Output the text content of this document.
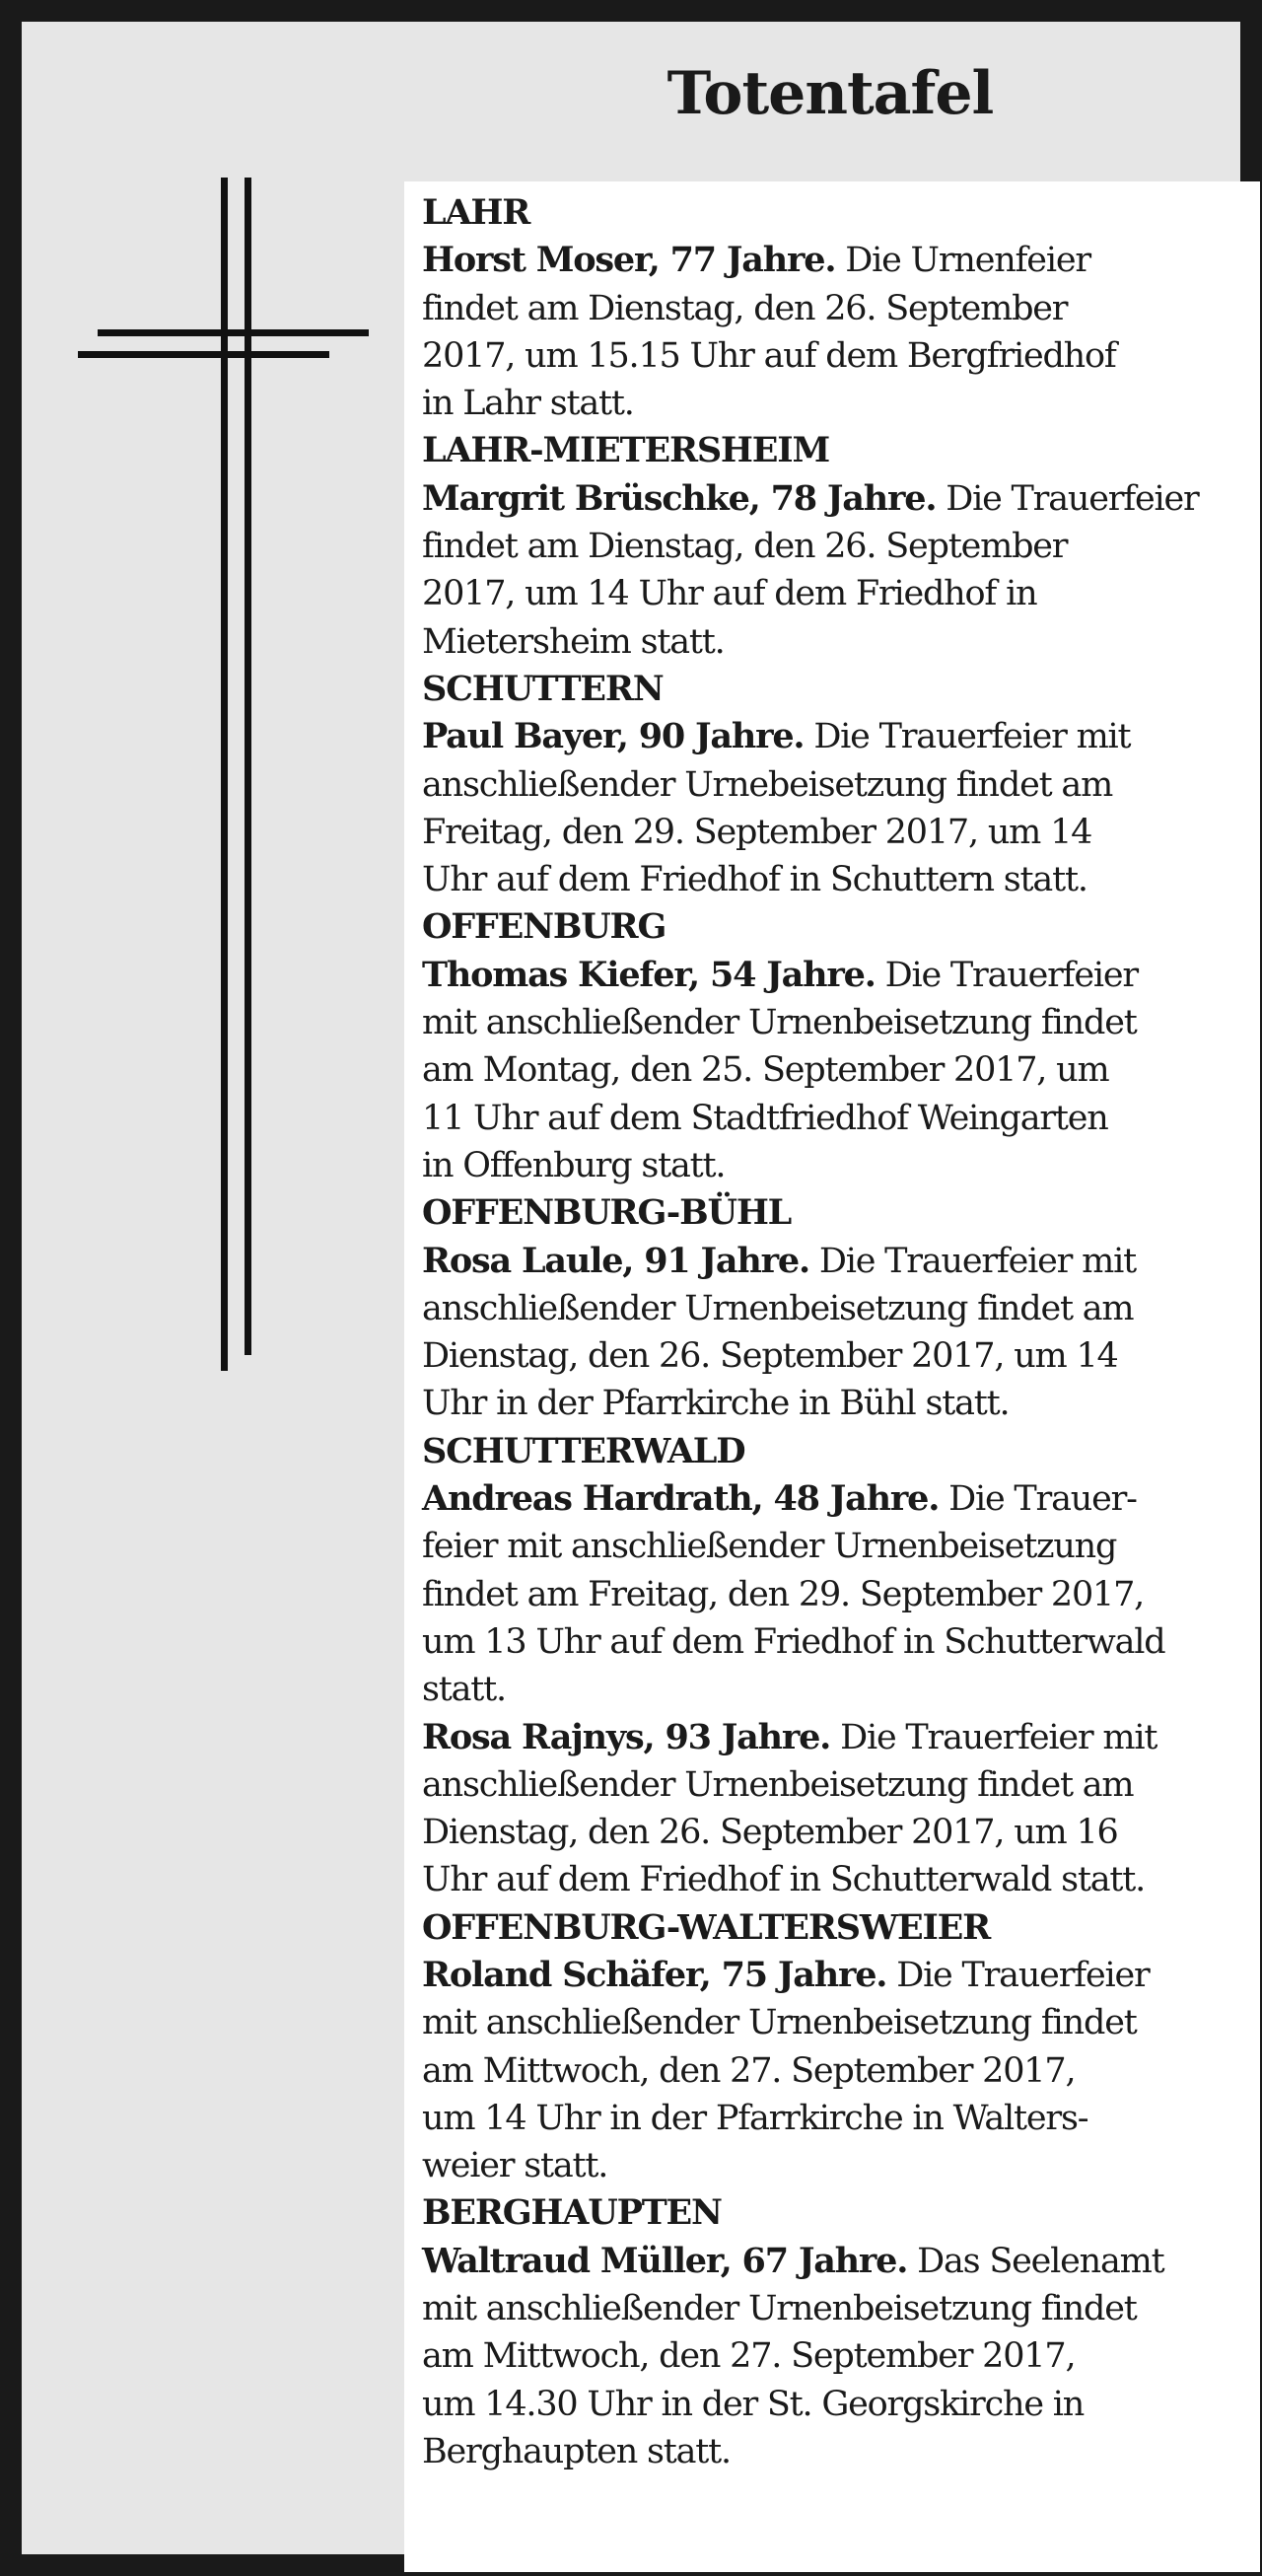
Totentafel
LAHR
Horst Moser, 77 Jahre. Die Urnenfeier
findet am Dienstag, den 26. September
2017, um 15.15 Uhr auf dem Bergfriedhof
in Lahr statt.
LAHR-MIETERSHEIM
Margrit Brüschke, 78 Jahre. Die Trauerfeier
findet am Dienstag, den 26. September
2017, um 14 Uhr auf dem Friedhof in
Mietersheim statt.
SCHUTTERN
Paul Bayer, 90 Jahre. Die Trauerfeier mit
anschließender Urnebeisetzung findet am
Freitag, den 29. September 2017, um 14
Uhr auf dem Friedhof in Schuttern statt.
OFFENBURG
Thomas Kiefer, 54 Jahre. Die Trauerfeier
mit anschließender Urnenbeisetzung findet
am Montag, den 25. September 2017, um
11 Uhr auf dem Stadtfriedhof Weingarten
in Offenburg statt.
OFFENBURG-BÜHL
Rosa Laule, 91 Jahre. Die Trauerfeier mit
anschließender Urnenbeisetzung findet am
Dienstag, den 26. September 2017, um 14
Uhr in der Pfarrkirche in Bühl statt.
SCHUTTERWALD
Andreas Hardrath, 48 Jahre. Die Trauer-
feier mit anschließender Urnenbeisetzung
findet am Freitag, den 29. September 2017,
um 13 Uhr auf dem Friedhof in Schutterwald
statt.
Rosa Rajnys, 93 Jahre. Die Trauerfeier mit
anschließender Urnenbeisetzung findet am
Dienstag, den 26. September 2017, um 16
Uhr auf dem Friedhof in Schutterwald statt.
OFFENBURG-WALTERSWEIER
Roland Schäfer, 75 Jahre. Die Trauerfeier
mit anschließender Urnenbeisetzung findet
am Mittwoch, den 27. September 2017,
um 14 Uhr in der Pfarrkirche in Walters-
weier statt.
BERGHAUPTEN
Waltraud Müller, 67 Jahre. Das Seelenamt
mit anschließender Urnenbeisetzung findet
am Mittwoch, den 27. September 2017,
um 14.30 Uhr in der St. Georgskirche in
Berghaupten statt.
